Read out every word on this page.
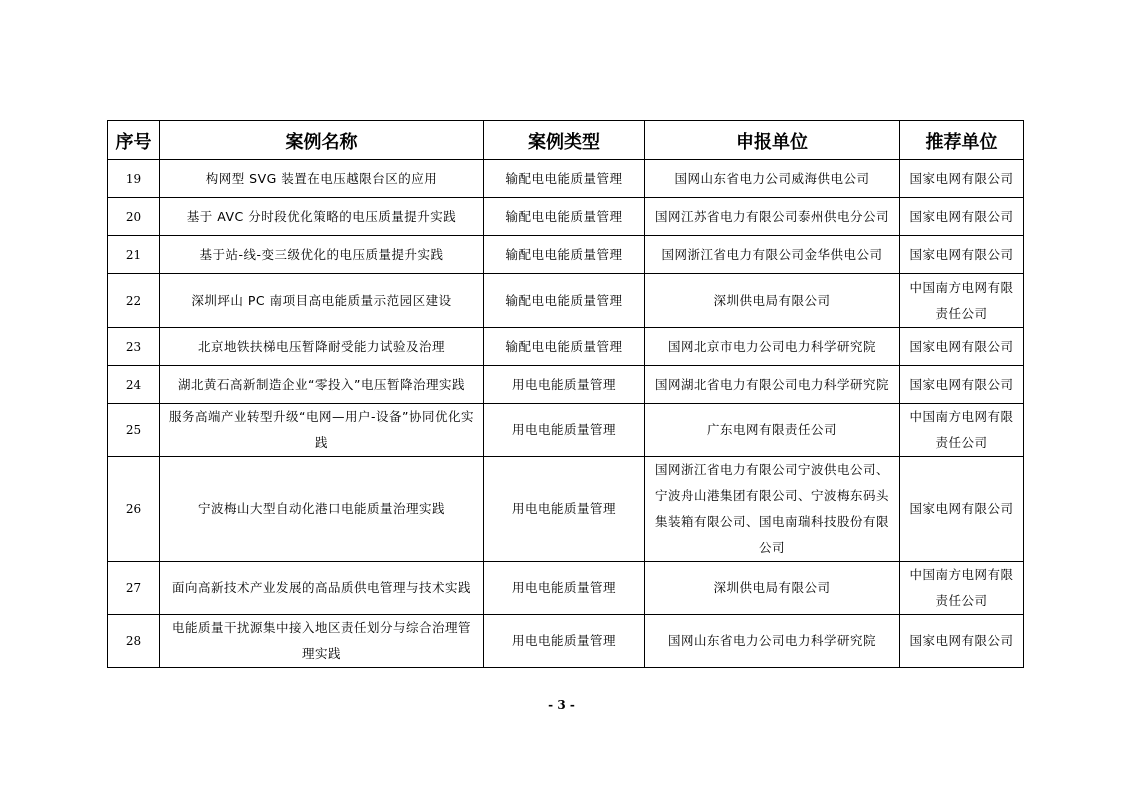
序号	案例名称	案例类型	申报单位	推荐单位
19	构网型 SVG 装置在电压越限台区的应用	输配电电能质量管理	国网山东省电力公司威海供电公司	国家电网有限公司
20	基于 AVC 分时段优化策略的电压质量提升实践	输配电电能质量管理	国网江苏省电力有限公司泰州供电分公司	国家电网有限公司
21	基于站-线-变三级优化的电压质量提升实践	输配电电能质量管理	国网浙江省电力有限公司金华供电公司	国家电网有限公司
22	深圳坪山 PC 南项目高电能质量示范园区建设	输配电电能质量管理	深圳供电局有限公司	中国南方电网有限责任公司
23	北京地铁扶梯电压暂降耐受能力试验及治理	输配电电能质量管理	国网北京市电力公司电力科学研究院	国家电网有限公司
24	湖北黄石高新制造企业“零投入”电压暂降治理实践	用电电能质量管理	国网湖北省电力有限公司电力科学研究院	国家电网有限公司
25	服务高端产业转型升级“电网—用户-设备”协同优化实践	用电电能质量管理	广东电网有限责任公司	中国南方电网有限责任公司
26	宁波梅山大型自动化港口电能质量治理实践	用电电能质量管理	国网浙江省电力有限公司宁波供电公司、宁波舟山港集团有限公司、宁波梅东码头集装箱有限公司、国电南瑞科技股份有限公司	国家电网有限公司
27	面向高新技术产业发展的高品质供电管理与技术实践	用电电能质量管理	深圳供电局有限公司	中国南方电网有限责任公司
28	电能质量干扰源集中接入地区责任划分与综合治理管理实践	用电电能质量管理	国网山东省电力公司电力科学研究院	国家电网有限公司
- 3 -
